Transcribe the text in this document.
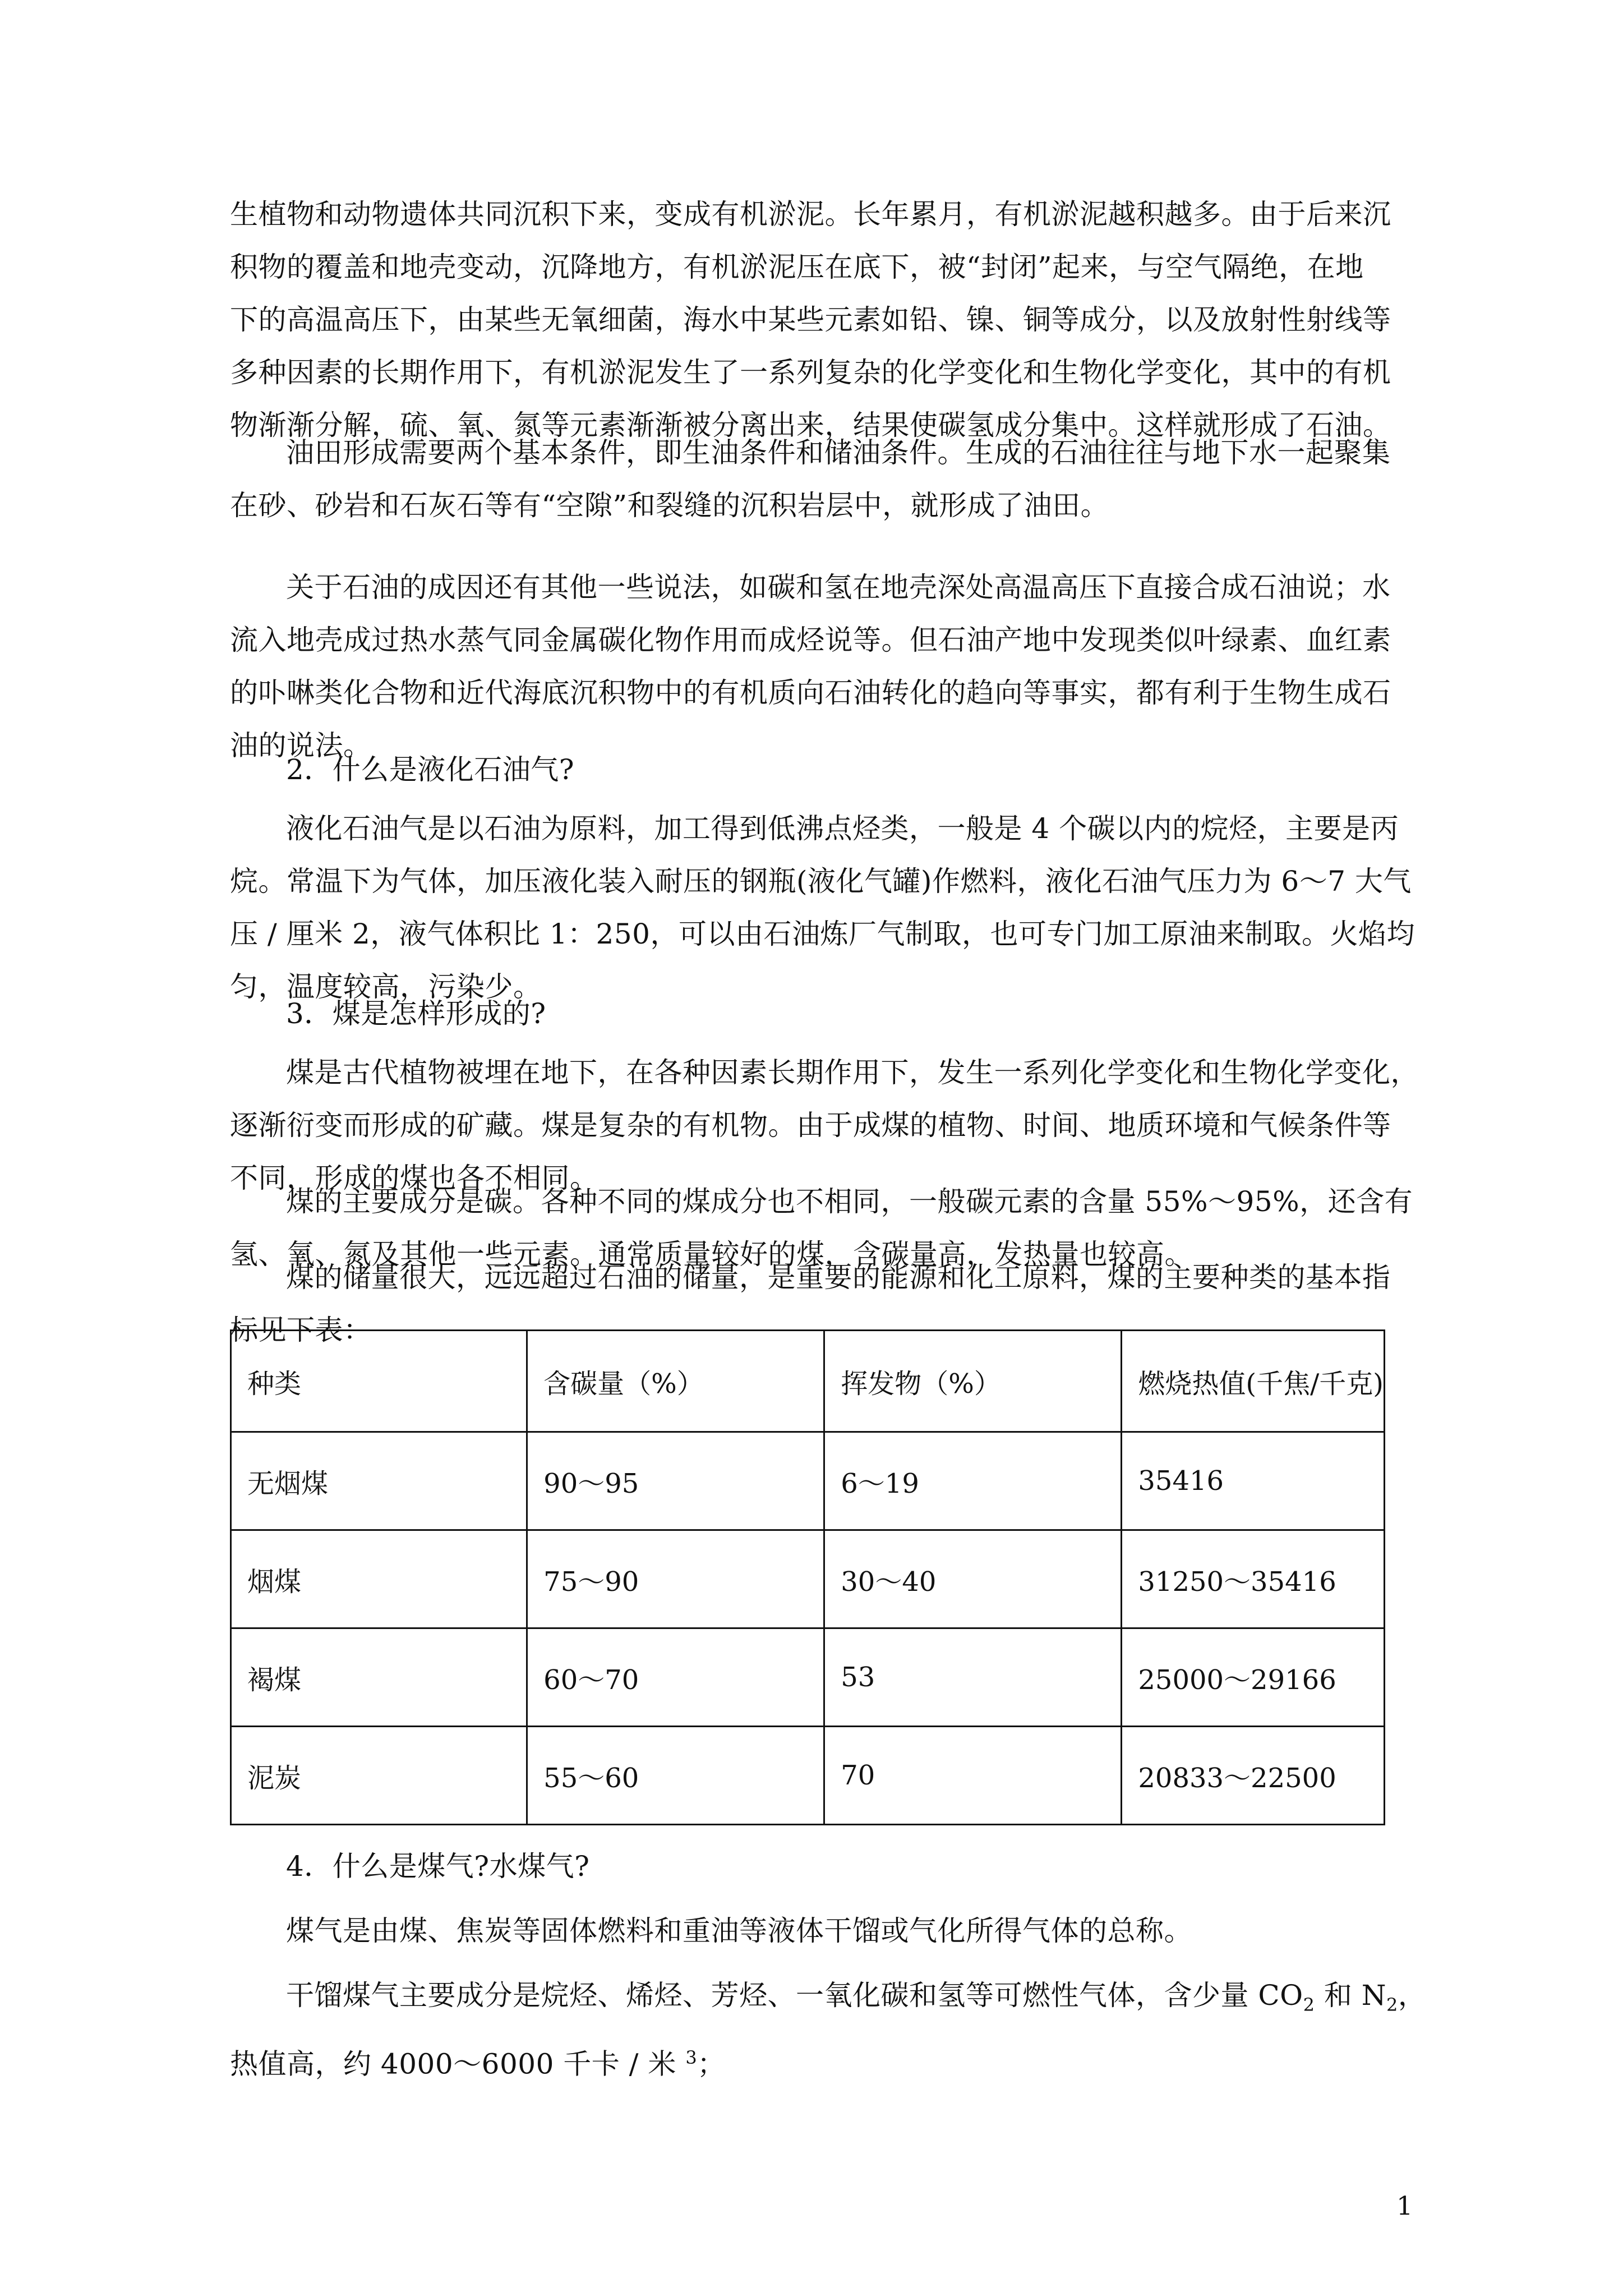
生植物和动物遗体共同沉积下来，变成有机淤泥。长年累月，有机淤泥越积越多。由于后来沉
积物的覆盖和地壳变动，沉降地方，有机淤泥压在底下，被“封闭”起来，与空气隔绝，在地
下的高温高压下，由某些无氧细菌，海水中某些元素如铅、镍、铜等成分，以及放射性射线等
多种因素的长期作用下，有机淤泥发生了一系列复杂的化学变化和生物化学变化，其中的有机
物渐渐分解，硫、氧、氮等元素渐渐被分离出来，结果使碳氢成分集中。这样就形成了石油。
油田形成需要两个基本条件，即生油条件和储油条件。生成的石油往往与地下水一起聚集
在砂、砂岩和石灰石等有“空隙”和裂缝的沉积岩层中，就形成了油田。
关于石油的成因还有其他一些说法，如碳和氢在地壳深处高温高压下直接合成石油说；水
流入地壳成过热水蒸气同金属碳化物作用而成烃说等。但石油产地中发现类似叶绿素、血红素
的卟啉类化合物和近代海底沉积物中的有机质向石油转化的趋向等事实，都有利于生物生成石
油的说法。
2．什么是液化石油气?
液化石油气是以石油为原料，加工得到低沸点烃类，一般是 4 个碳以内的烷烃，主要是丙
烷。常温下为气体，加压液化装入耐压的钢瓶(液化气罐)作燃料，液化石油气压力为 6～7 大气
压 / 厘米 2，液气体积比 1：250，可以由石油炼厂气制取，也可专门加工原油来制取。火焰均
匀，温度较高，污染少。
3．煤是怎样形成的?
煤是古代植物被埋在地下，在各种因素长期作用下，发生一系列化学变化和生物化学变化，
逐渐衍变而形成的矿藏。煤是复杂的有机物。由于成煤的植物、时间、地质环境和气候条件等
不同，形成的煤也各不相同。
煤的主要成分是碳。各种不同的煤成分也不相同，一般碳元素的含量 55%～95%，还含有
氢、氧、氮及其他一些元素。通常质量较好的煤，含碳量高，发热量也较高。
煤的储量很大，远远超过石油的储量，是重要的能源和化工原料，煤的主要种类的基本指
标见下表：
种类	含碳量（%）	挥发物（%）	燃烧热值(千焦/千克)
无烟煤	90～95	6～19	35416
烟煤	75～90	30～40	31250～35416
褐煤	60～70	53	25000～29166
泥炭	55～60	70	20833～22500
4．什么是煤气?水煤气?
煤气是由煤、焦炭等固体燃料和重油等液体干馏或气化所得气体的总称。
干馏煤气主要成分是烷烃、烯烃、芳烃、一氧化碳和氢等可燃性气体，含少量 $CO_2$ 和 $N_2$，
热值高，约 4000～6000 千卡 / 米 $^3$；
1
